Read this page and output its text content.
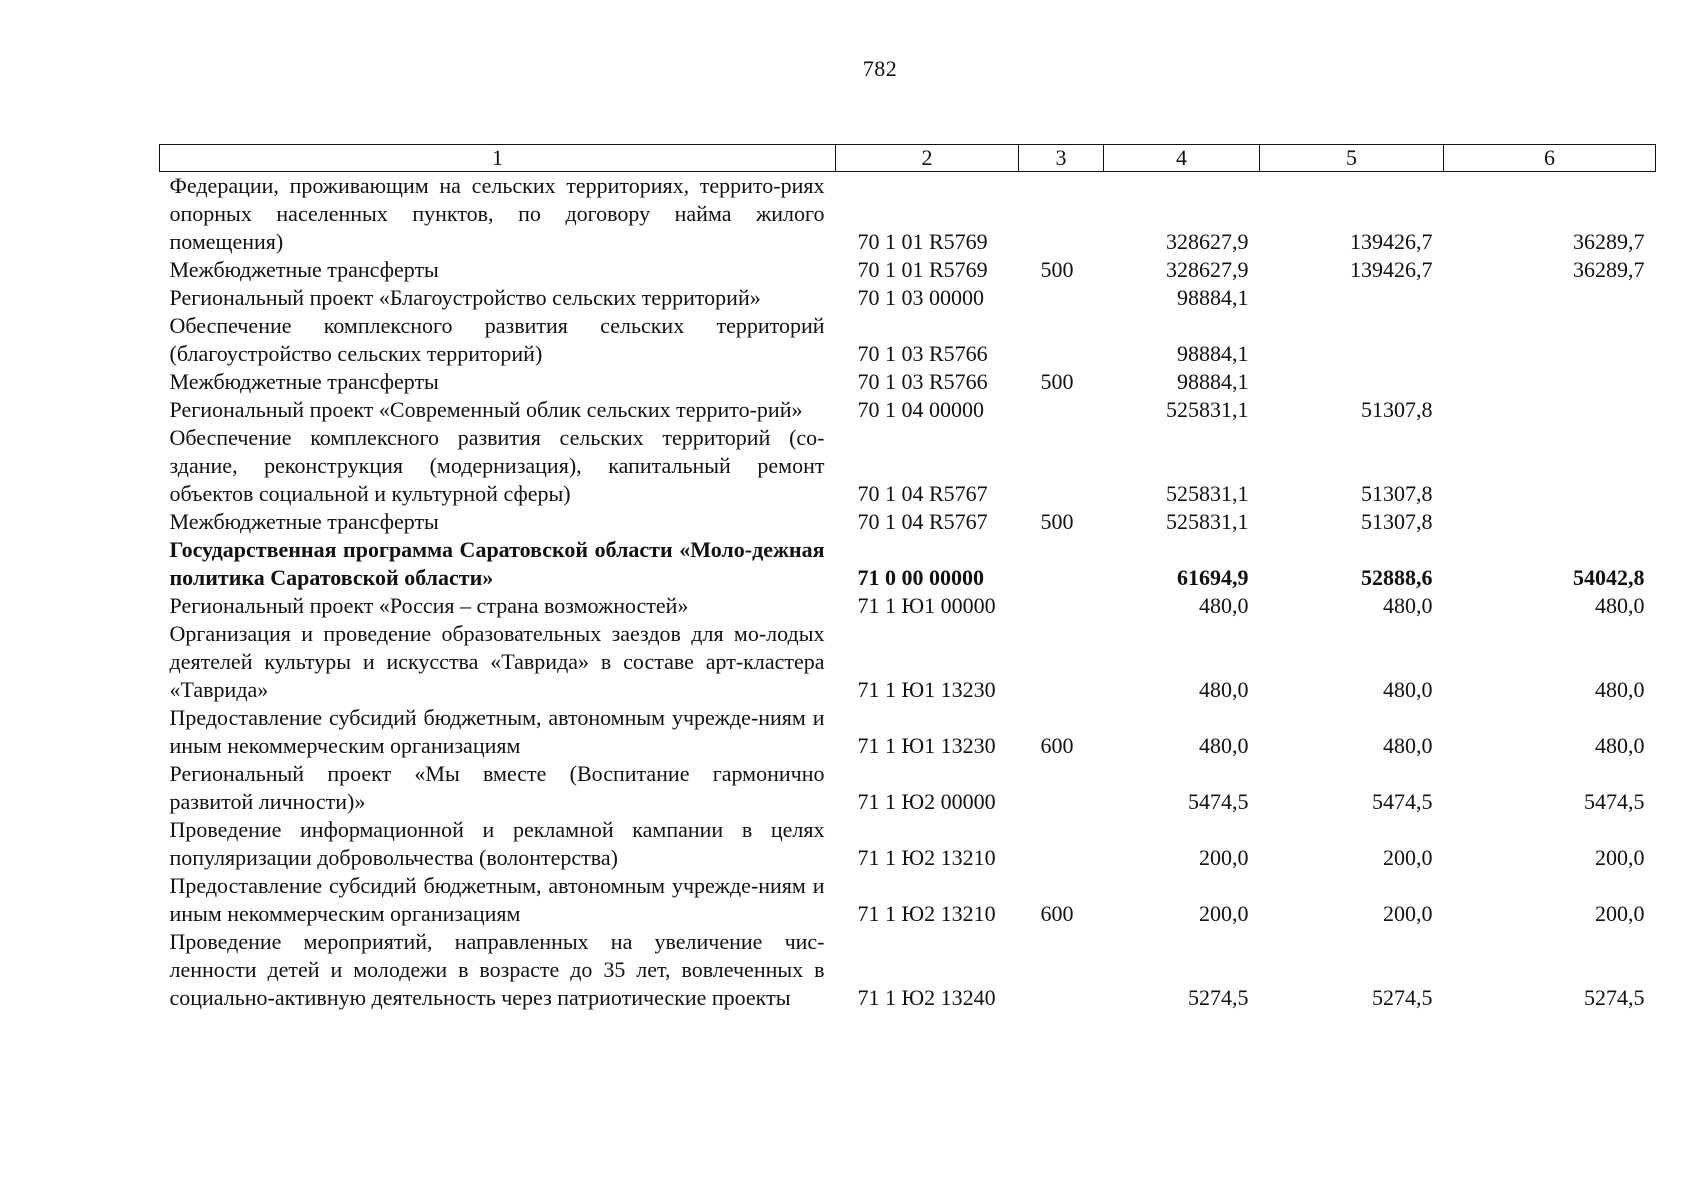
782
1	2	3	4	5	6
Федерации, проживающим на сельских территориях, террито-риях опорных населенных пунктов, по договору найма жилого помещения)	70 1 01 R5769		328627,9	139426,7	36289,7
Межбюджетные трансферты	70 1 01 R5769	500	328627,9	139426,7	36289,7
Региональный проект «Благоустройство сельских территорий»	70 1 03 00000		98884,1		
Обеспечение комплексного развития сельских территорий (благоустройство сельских территорий)	70 1 03 R5766		98884,1		
Межбюджетные трансферты	70 1 03 R5766	500	98884,1		
Региональный проект «Современный облик сельских террито-рий»	70 1 04 00000		525831,1	51307,8	
Обеспечение комплексного развития сельских территорий (со-здание, реконструкция (модернизация), капитальный ремонт объектов социальной и культурной сферы)	70 1 04 R5767		525831,1	51307,8	
Межбюджетные трансферты	70 1 04 R5767	500	525831,1	51307,8	
Государственная программа Саратовской области «Моло-дежная политика Саратовской области»	71 0 00 00000		61694,9	52888,6	54042,8
Региональный проект «Россия – страна возможностей»	71 1 Ю1 00000		480,0	480,0	480,0
Организация и проведение образовательных заездов для мо-лодых деятелей культуры и искусства «Таврида» в составе арт-кластера «Таврида»	71 1 Ю1 13230		480,0	480,0	480,0
Предоставление субсидий бюджетным, автономным учрежде-ниям и иным некоммерческим организациям	71 1 Ю1 13230	600	480,0	480,0	480,0
Региональный проект «Мы вместе (Воспитание гармонично развитой личности)»	71 1 Ю2 00000		5474,5	5474,5	5474,5
Проведение информационной и рекламной кампании в целях популяризации добровольчества (волонтерства)	71 1 Ю2 13210		200,0	200,0	200,0
Предоставление субсидий бюджетным, автономным учрежде-ниям и иным некоммерческим организациям	71 1 Ю2 13210	600	200,0	200,0	200,0
Проведение мероприятий, направленных на увеличение чис-ленности детей и молодежи в возрасте до 35 лет, вовлеченных в социально-активную деятельность через патриотические проекты	71 1 Ю2 13240		5274,5	5274,5	5274,5
